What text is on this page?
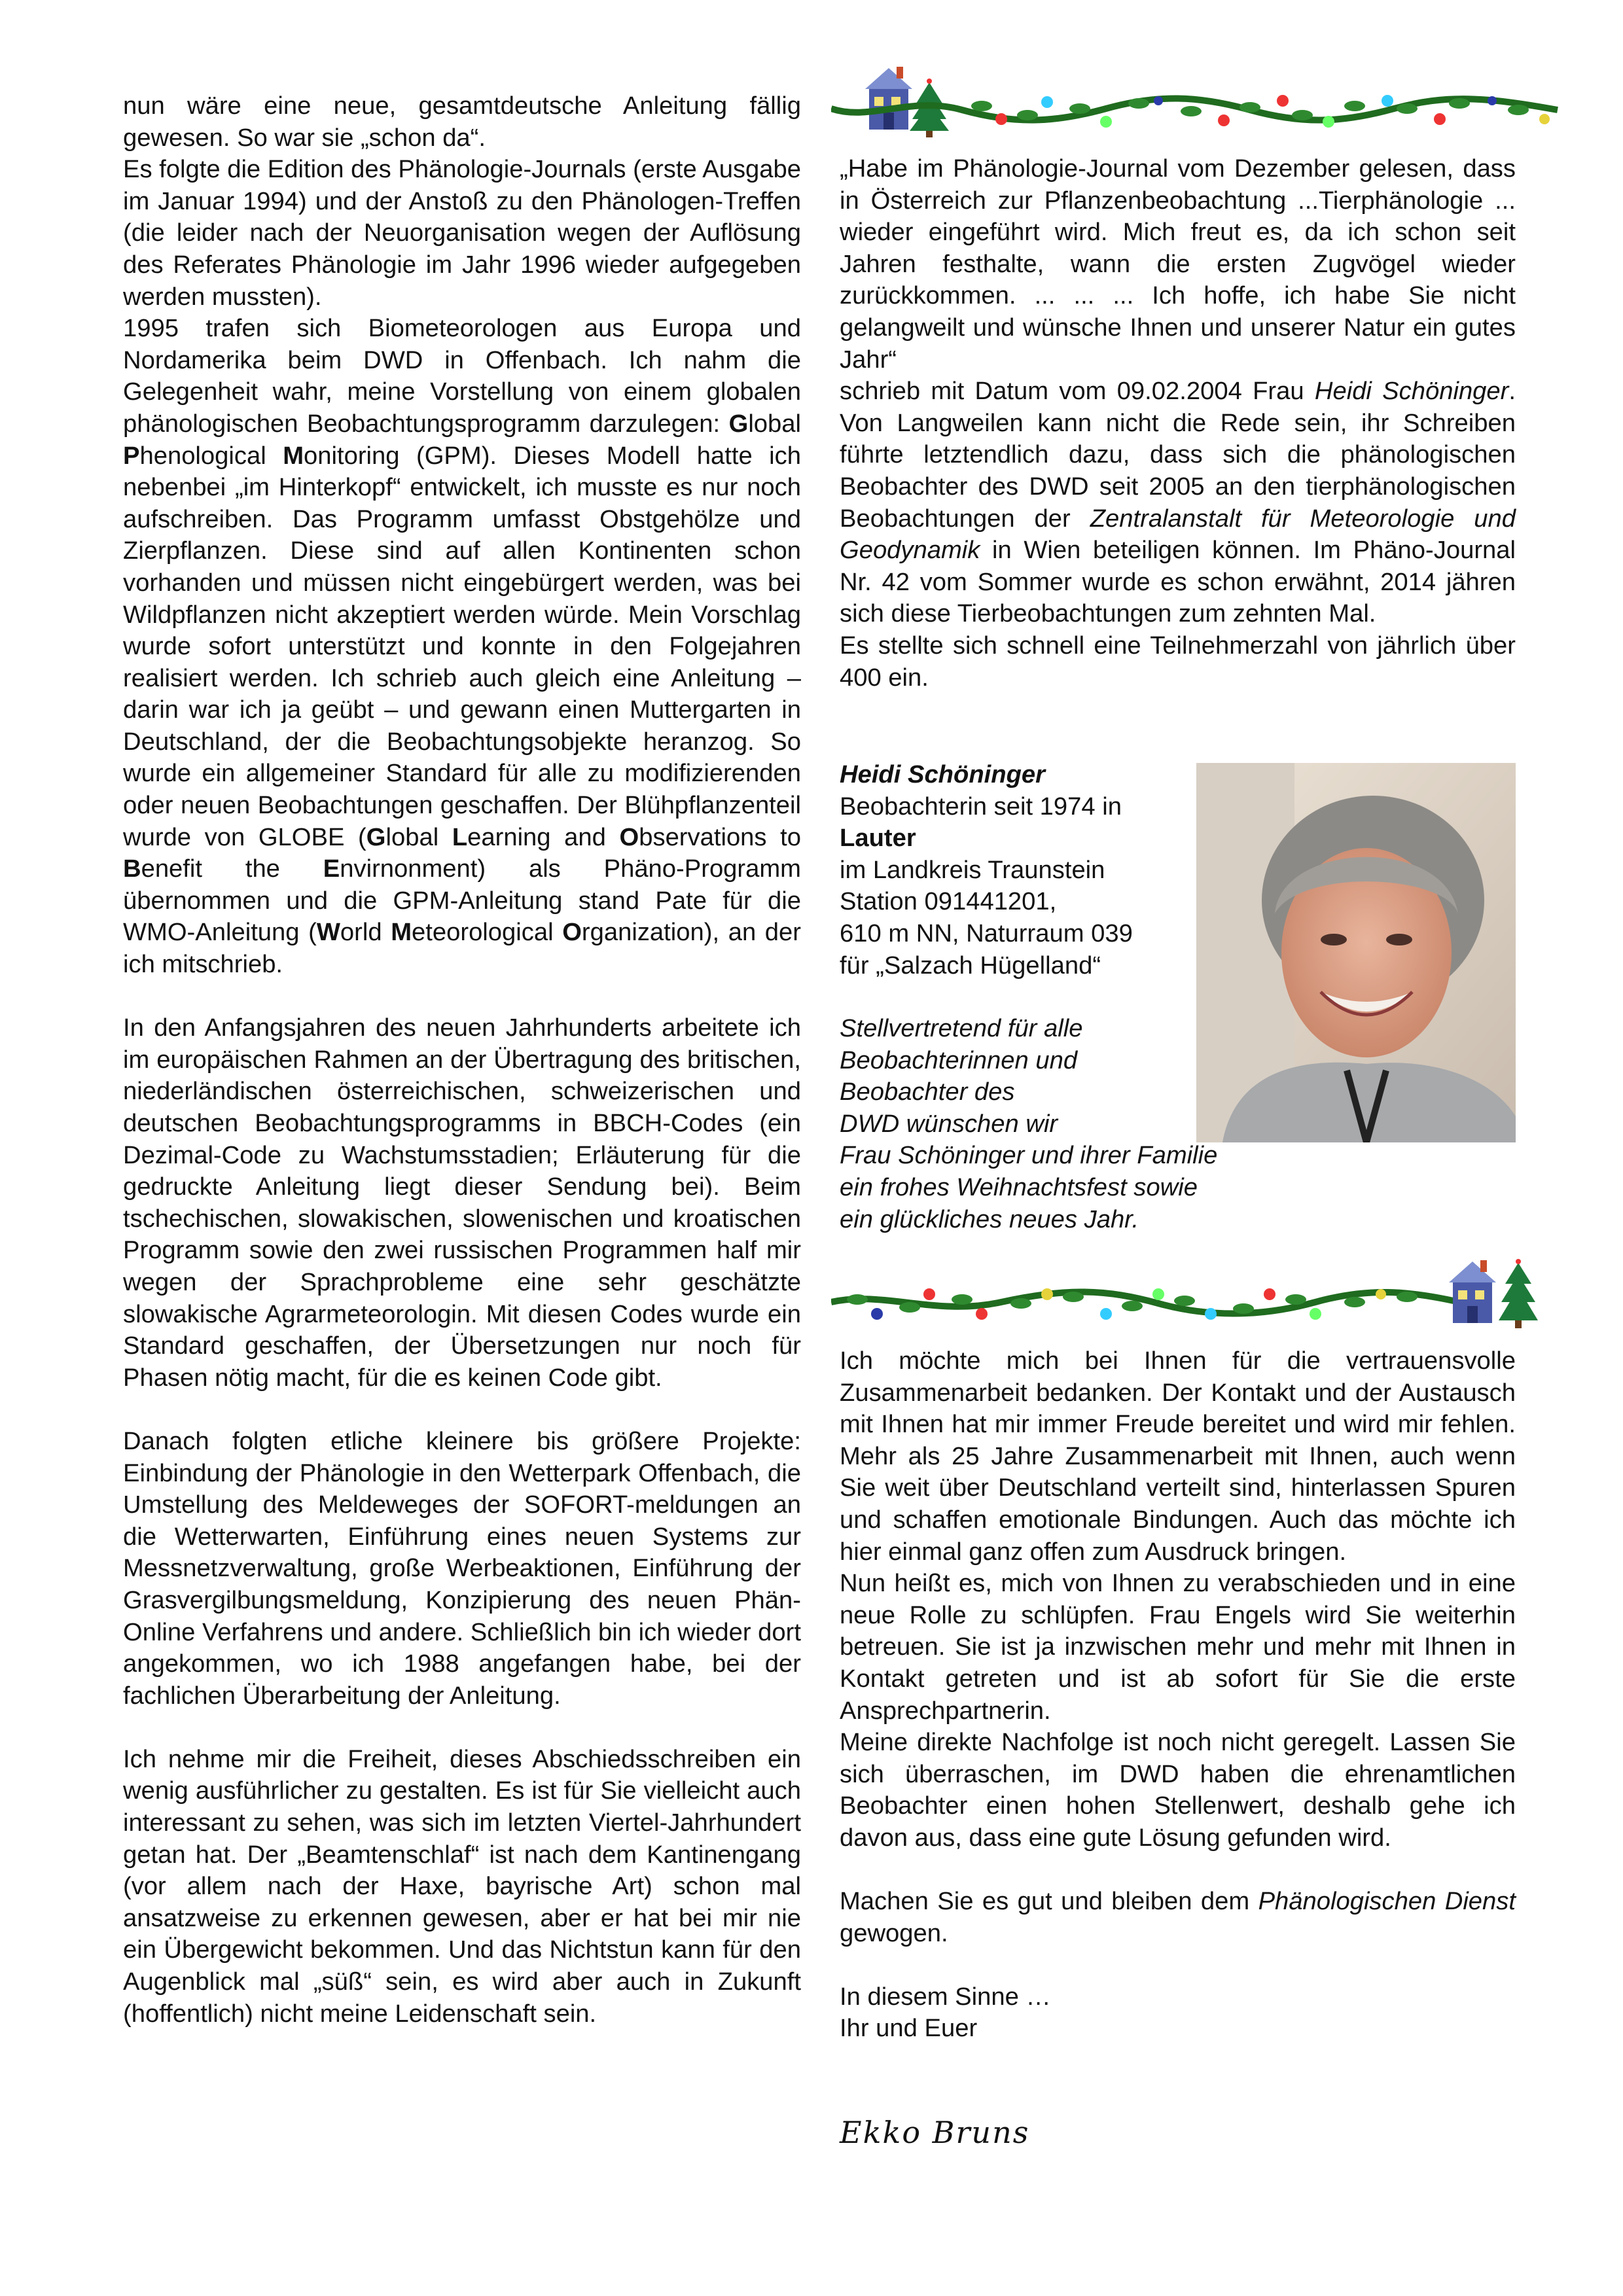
nun wäre eine neue, gesamtdeutsche Anleitung fällig gewesen. So war sie „schon da“.

Es folgte die Edition des Phänologie-Journals (erste Ausgabe im Januar 1994) und der Anstoß zu den Phänologen-Treffen (die leider nach der Neuorganisation wegen der Auflösung des Referates Phänologie im Jahr 1996 wieder aufgegeben werden mussten).

1995 trafen sich Biometeorologen aus Europa und Nordamerika beim DWD in Offenbach. Ich nahm die Gelegenheit wahr, meine Vorstellung von einem globalen phänologischen Beobachtungsprogramm darzulegen: Global Phenological Monitoring (GPM). Dieses Modell hatte ich nebenbei „im Hinterkopf“ entwickelt, ich musste es nur noch aufschreiben. Das Programm umfasst Obstgehölze und Zierpflanzen. Diese sind auf allen Kontinenten schon vorhanden und müssen nicht eingebürgert werden, was bei Wildpflanzen nicht akzeptiert werden würde. Mein Vorschlag wurde sofort unterstützt und konnte in den Folgejahren realisiert werden. Ich schrieb auch gleich eine Anleitung – darin war ich ja geübt – und gewann einen Muttergarten in Deutschland, der die Beobachtungsobjekte heranzog. So wurde ein allgemeiner Standard für alle zu modifizierenden oder neuen Beobachtungen geschaffen. Der Blühpflanzenteil wurde von GLOBE (Global Learning and Observations to Benefit the Envirnonment) als Phäno-Programm übernommen und die GPM-Anleitung stand Pate für die WMO-Anleitung (World Meteorological Organization), an der ich mitschrieb.

In den Anfangsjahren des neuen Jahrhunderts arbeitete ich im europäischen Rahmen an der Übertragung des britischen, niederländischen österreichischen, schweizerischen und deutschen Beobachtungsprogramms in BBCH-Codes (ein Dezimal-Code zu Wachstumsstadien; Erläuterung für die gedruckte Anleitung liegt dieser Sendung bei). Beim tschechischen, slowakischen, slowenischen und kroatischen Programm sowie den zwei russischen Programmen half mir wegen der Sprachprobleme eine sehr geschätzte slowakische Agrarmeteorologin. Mit diesen Codes wurde ein Standard geschaffen, der Übersetzungen nur noch für Phasen nötig macht, für die es keinen Code gibt.

Danach folgten etliche kleinere bis größere Projekte: Einbindung der Phänologie in den Wetterpark Offenbach, die Umstellung des Meldeweges der SOFORT-meldungen an die Wetterwarten, Einführung eines neuen Systems zur Messnetzverwaltung, große Werbeaktionen, Einführung der Grasvergilbungsmeldung, Konzipierung des neuen Phän-Online Verfahrens und andere. Schließlich bin ich wieder dort angekommen, wo ich 1988 angefangen habe, bei der fachlichen Überarbeitung der Anleitung.

Ich nehme mir die Freiheit, dieses Abschiedsschreiben ein wenig ausführlicher zu gestalten. Es ist für Sie vielleicht auch interessant zu sehen, was sich im letzten Viertel-Jahrhundert getan hat. Der „Beamtenschlaf“ ist nach dem Kantinengang (vor allem nach der Haxe, bayrische Art) schon mal ansatzweise zu erkennen gewesen, aber er hat bei mir nie ein Übergewicht bekommen. Und das Nichtstun kann für den Augenblick mal „süß“ sein, es wird aber auch in Zukunft (hoffentlich) nicht meine Leidenschaft sein.

„Habe im Phänologie-Journal vom Dezember gelesen, dass in Österreich zur Pflanzenbeobachtung ...Tierphänologie ... wieder eingeführt wird. Mich freut es, da ich schon seit Jahren festhalte, wann die ersten Zugvögel wieder zurückkommen. ... ... ... Ich hoffe, ich habe Sie nicht gelangweilt und wünsche Ihnen und unserer Natur ein gutes Jahr“

schrieb mit Datum vom 09.02.2004 Frau Heidi Schöninger. Von Langweilen kann nicht die Rede sein, ihr Schreiben führte letztendlich dazu, dass sich die phänologischen Beobachter des DWD seit 2005 an den tierphänologischen Beobachtungen der Zentralanstalt für Meteorologie und Geodynamik in Wien beteiligen können. Im Phäno-Journal Nr. 42 vom Sommer wurde es schon erwähnt, 2014 jähren sich diese Tierbeobachtungen zum zehnten Mal.

Es stellte sich schnell eine Teilnehmerzahl von jährlich über 400 ein.

Heidi Schöninger
Beobachterin seit 1974 in
Lauter
im Landkreis Traunstein
Station 091441201,
610 m NN, Naturraum 039
für „Salzach Hügelland“
Stellvertretend für alle
Beobachterinnen und
Beobachter des
DWD wünschen wir
Frau Schöninger und ihrer Familie
ein frohes Weihnachtsfest sowie
ein glückliches neues Jahr.

Ich möchte mich bei Ihnen für die vertrauensvolle Zusammenarbeit bedanken. Der Kontakt und der Austausch mit Ihnen hat mir immer Freude bereitet und wird mir fehlen. Mehr als 25 Jahre Zusammenarbeit mit Ihnen, auch wenn Sie weit über Deutschland verteilt sind, hinterlassen Spuren und schaffen emotionale Bindungen. Auch das möchte ich hier einmal ganz offen zum Ausdruck bringen.

Nun heißt es, mich von Ihnen zu verabschieden und in eine neue Rolle zu schlüpfen. Frau Engels wird Sie weiterhin betreuen. Sie ist ja inzwischen mehr und mehr mit Ihnen in Kontakt getreten und ist ab sofort für Sie die erste Ansprechpartnerin.

Meine direkte Nachfolge ist noch nicht geregelt. Lassen Sie sich überraschen, im DWD haben die ehrenamtlichen Beobachter einen hohen Stellenwert, deshalb gehe ich davon aus, dass eine gute Lösung gefunden wird.

Machen Sie es gut und bleiben dem Phänologischen Dienst gewogen.

In diesem Sinne …

Ihr und Euer

Ekko Bruns
